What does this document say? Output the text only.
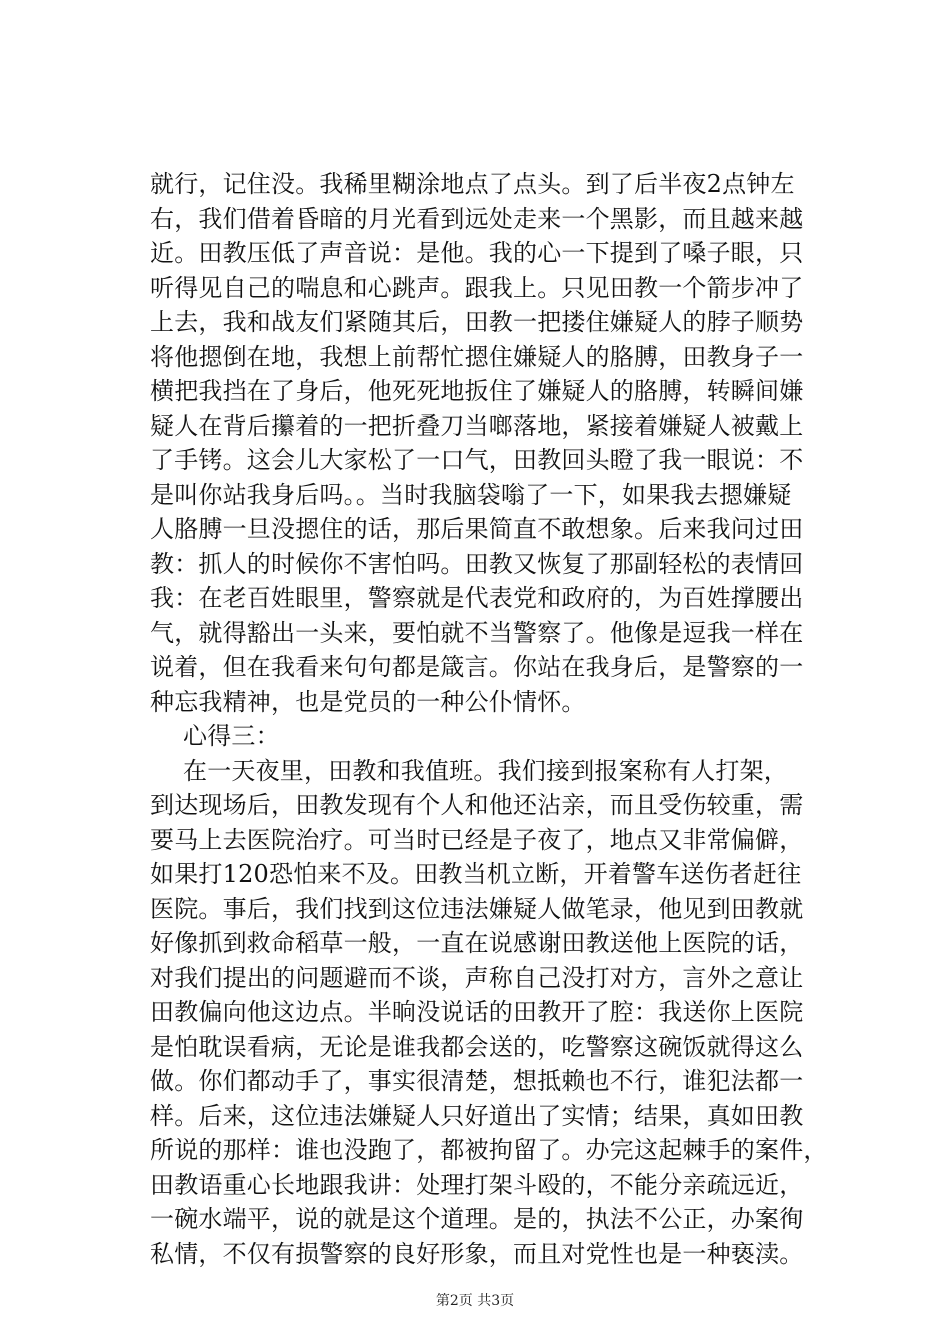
就行，记住没。我稀里糊涂地点了点头。到了后半夜2点钟左
右，我们借着昏暗的月光看到远处走来一个黑影，而且越来越
近。田教压低了声音说：是他。我的心一下提到了嗓子眼，只
听得见自己的喘息和心跳声。跟我上。只见田教一个箭步冲了
上去，我和战友们紧随其后，田教一把搂住嫌疑人的脖子顺势
将他摁倒在地，我想上前帮忙摁住嫌疑人的胳膊，田教身子一
横把我挡在了身后，他死死地扳住了嫌疑人的胳膊，转瞬间嫌
疑人在背后攥着的一把折叠刀当啷落地，紧接着嫌疑人被戴上
了手铐。这会儿大家松了一口气，田教回头瞪了我一眼说：不
是叫你站我身后吗。。当时我脑袋嗡了一下，如果我去摁嫌疑
人胳膊一旦没摁住的话，那后果简直不敢想象。后来我问过田
教：抓人的时候你不害怕吗。田教又恢复了那副轻松的表情回
我：在老百姓眼里，警察就是代表党和政府的，为百姓撑腰出
气，就得豁出一头来，要怕就不当警察了。他像是逗我一样在
说着，但在我看来句句都是箴言。你站在我身后，是警察的一
种忘我精神，也是党员的一种公仆情怀。
心得三：
在一天夜里，田教和我值班。我们接到报案称有人打架，
到达现场后，田教发现有个人和他还沾亲，而且受伤较重，需
要马上去医院治疗。可当时已经是子夜了，地点又非常偏僻，
如果打120恐怕来不及。田教当机立断，开着警车送伤者赶往
医院。事后，我们找到这位违法嫌疑人做笔录，他见到田教就
好像抓到救命稻草一般，一直在说感谢田教送他上医院的话，
对我们提出的问题避而不谈，声称自己没打对方，言外之意让
田教偏向他这边点。半晌没说话的田教开了腔：我送你上医院
是怕耽误看病，无论是谁我都会送的，吃警察这碗饭就得这么
做。你们都动手了，事实很清楚，想抵赖也不行，谁犯法都一
样。后来，这位违法嫌疑人只好道出了实情；结果，真如田教
所说的那样：谁也没跑了，都被拘留了。办完这起棘手的案件，
田教语重心长地跟我讲：处理打架斗殴的，不能分亲疏远近，
一碗水端平，说的就是这个道理。是的，执法不公正，办案徇
私情，不仅有损警察的良好形象，而且对党性也是一种亵渎。
第2页 共3页
